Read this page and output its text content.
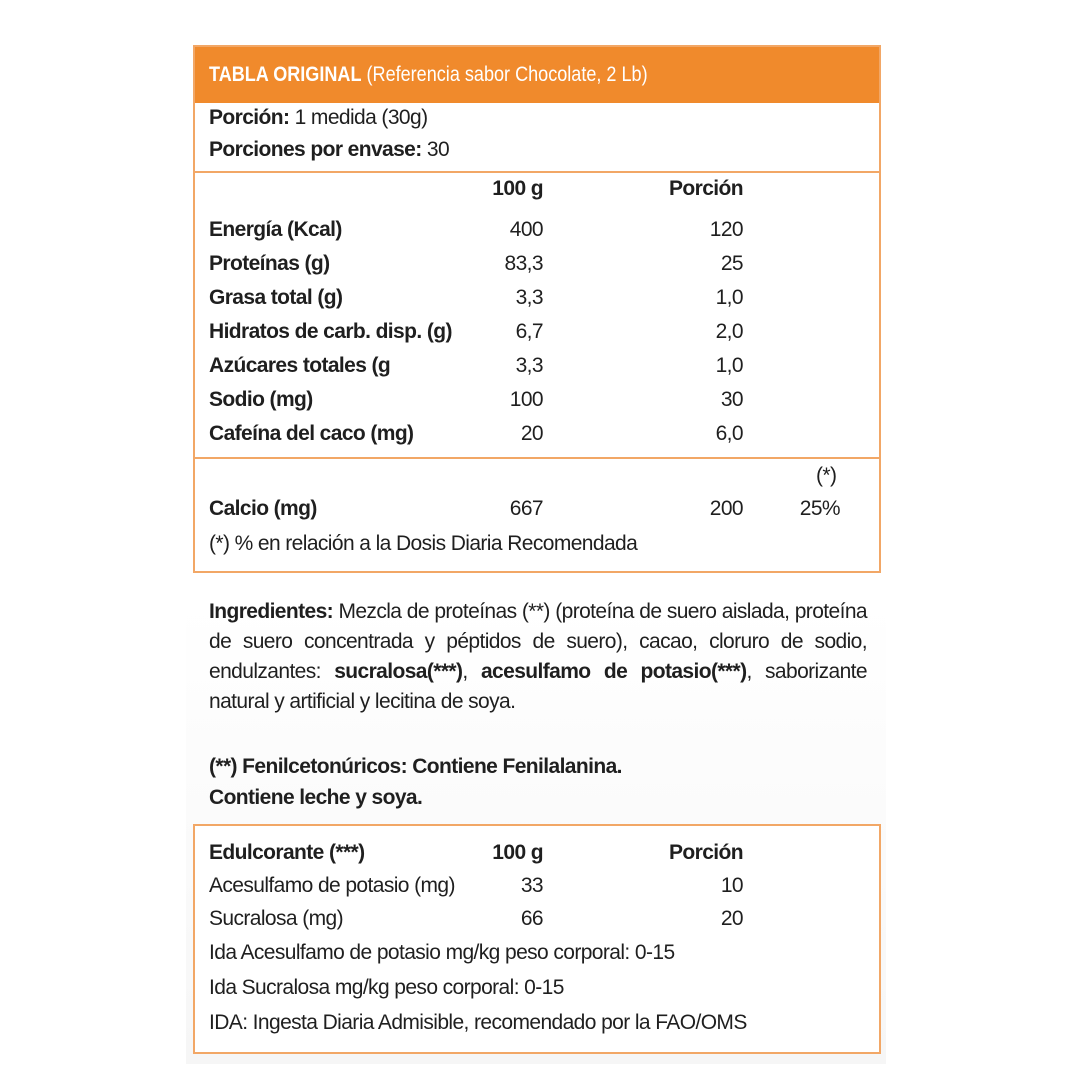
TABLA ORIGINAL (Referencia sabor Chocolate, 2 Lb)
Porción: 1 medida (30g)
Porciones por envase: 30
100 g	Porción
Energía (Kcal)	400	120
Proteínas (g)	83,3	25
Grasa total (g)	3,3	1,0
Hidratos de carb. disp. (g)	6,7	2,0
Azúcares totales (g	3,3	1,0
Sodio (mg)	100	30
Cafeína del caco (mg)	20	6,0
(*)
Calcio (mg)	667	200	25%
(*) % en relación a la Dosis Diaria Recomendada
Ingredientes: Mezcla de proteínas (**) (proteína de suero aislada, proteína de suero concentrada y péptidos de suero), cacao, cloruro de sodio, endulzantes: sucralosa(***), acesulfamo de potasio(***), saborizante natural y artificial y lecitina de soya.
(**) Fenilcetonúricos: Contiene Fenilalanina.
Contiene leche y soya.
Edulcorante (***)	100 g	Porción
Acesulfamo de potasio (mg)	33	10
Sucralosa (mg)	66	20
Ida Acesulfamo de potasio mg/kg peso corporal: 0-15
Ida Sucralosa mg/kg peso corporal: 0-15
IDA: Ingesta Diaria Admisible, recomendado por la FAO/OMS
